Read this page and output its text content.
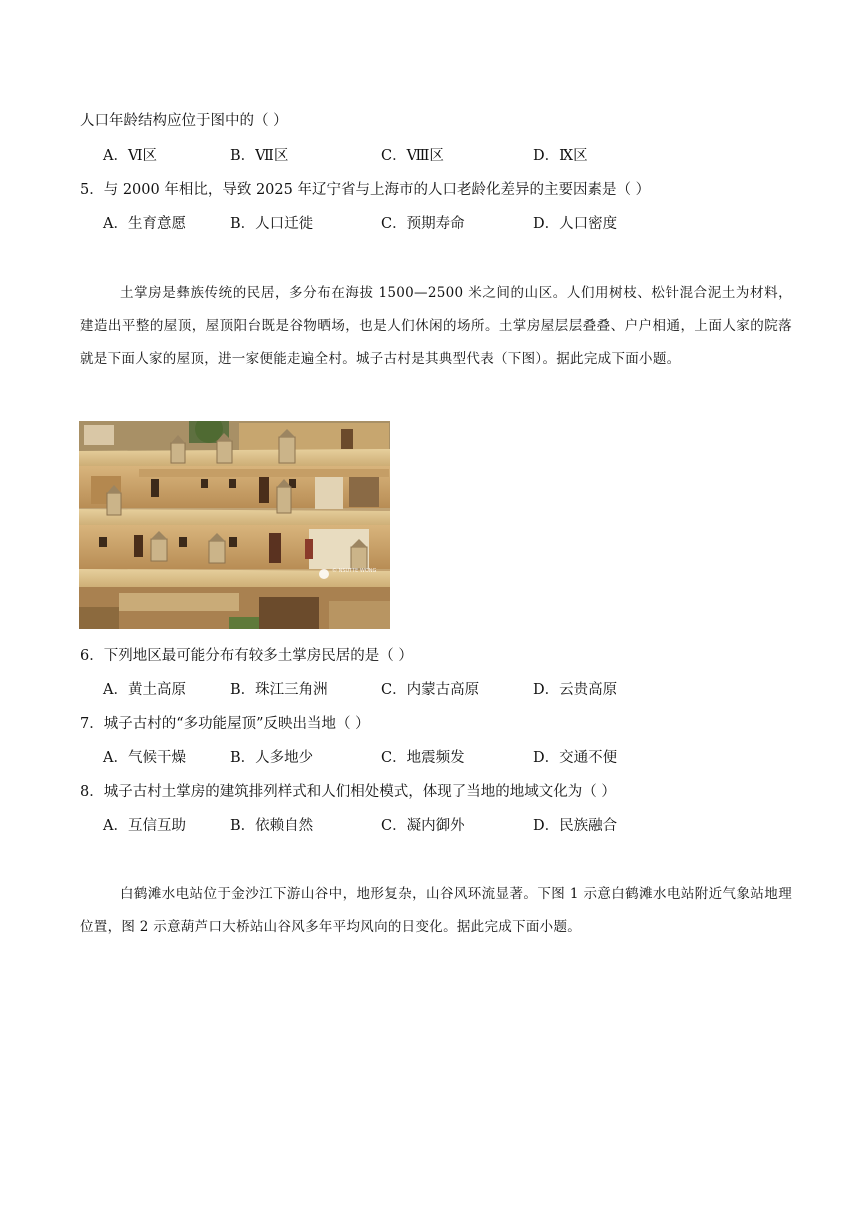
人口年龄结构应位于图中的（ ）
A．Ⅵ区	B．Ⅶ区	C．Ⅷ区	D．Ⅸ区
5．与 2000 年相比，导致 2025 年辽宁省与上海市的人口老龄化差异的主要因素是（ ）
A．生育意愿	B．人口迁徙	C．预期寿命	D．人口密度
土掌房是彝族传统的民居，多分布在海拔 1500—2500 米之间的山区。人们用树枝、松针混合泥土为材料，建造出平整的屋顶，屋顶阳台既是谷物晒场，也是人们休闲的场所。土掌房屋层层叠叠、户户相通，上面人家的院落就是下面人家的屋顶，进一家便能走遍全村。城子古村是其典型代表（下图）。据此完成下面小题。
© NSUTTE WONG
6．下列地区最可能分布有较多土掌房民居的是（ ）
A．黄土高原	B．珠江三角洲	C．内蒙古高原	D．云贵高原
7．城子古村的“多功能屋顶”反映出当地（ ）
A．气候干燥	B．人多地少	C．地震频发	D．交通不便
8．城子古村土掌房的建筑排列样式和人们相处模式，体现了当地的地域文化为（ ）
A．互信互助	B．依赖自然	C．凝内御外	D．民族融合
白鹤滩水电站位于金沙江下游山谷中，地形复杂，山谷风环流显著。下图 1 示意白鹤滩水电站附近气象站地理位置，图 2 示意葫芦口大桥站山谷风多年平均风向的日变化。据此完成下面小题。
